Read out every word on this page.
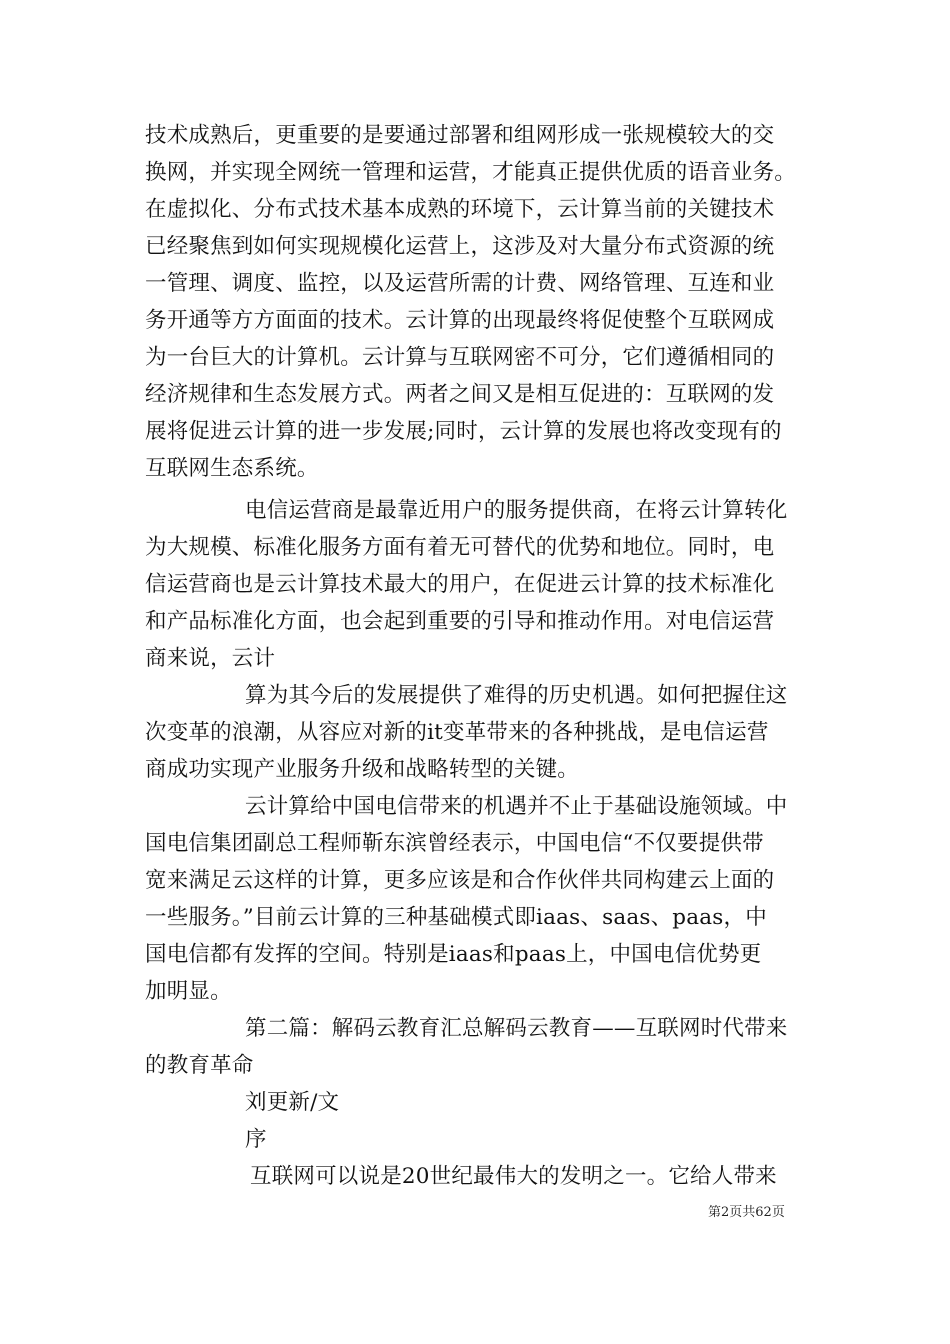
技术成熟后，更重要的是要通过部署和组网形成一张规模较大的交
换网，并实现全网统一管理和运营，才能真正提供优质的语音业务。
在虚拟化、分布式技术基本成熟的环境下，云计算当前的关键技术
已经聚焦到如何实现规模化运营上，这涉及对大量分布式资源的统
一管理、调度、监控，以及运营所需的计费、网络管理、互连和业
务开通等方方面面的技术。云计算的出现最终将促使整个互联网成
为一台巨大的计算机。云计算与互联网密不可分，它们遵循相同的
经济规律和生态发展方式。两者之间又是相互促进的：互联网的发
展将促进云计算的进一步发展;同时，云计算的发展也将改变现有的
互联网生态系统。
电信运营商是最靠近用户的服务提供商，在将云计算转化
为大规模、标准化服务方面有着无可替代的优势和地位。同时，电
信运营商也是云计算技术最大的用户，在促进云计算的技术标准化
和产品标准化方面，也会起到重要的引导和推动作用。对电信运营
商来说，云计
算为其今后的发展提供了难得的历史机遇。如何把握住这
次变革的浪潮，从容应对新的it变革带来的各种挑战，是电信运营
商成功实现产业服务升级和战略转型的关键。
云计算给中国电信带来的机遇并不止于基础设施领域。中
国电信集团副总工程师靳东滨曾经表示，中国电信“不仅要提供带
宽来满足云这样的计算，更多应该是和合作伙伴共同构建云上面的
一些服务。”目前云计算的三种基础模式即iaas、saas、paas，中
国电信都有发挥的空间。特别是iaas和paas上，中国电信优势更
加明显。
第二篇：解码云教育汇总解码云教育——互联网时代带来
的教育革命
刘更新/文
序
互联网可以说是20世纪最伟大的发明之一。它给人带来
第2页共62页
